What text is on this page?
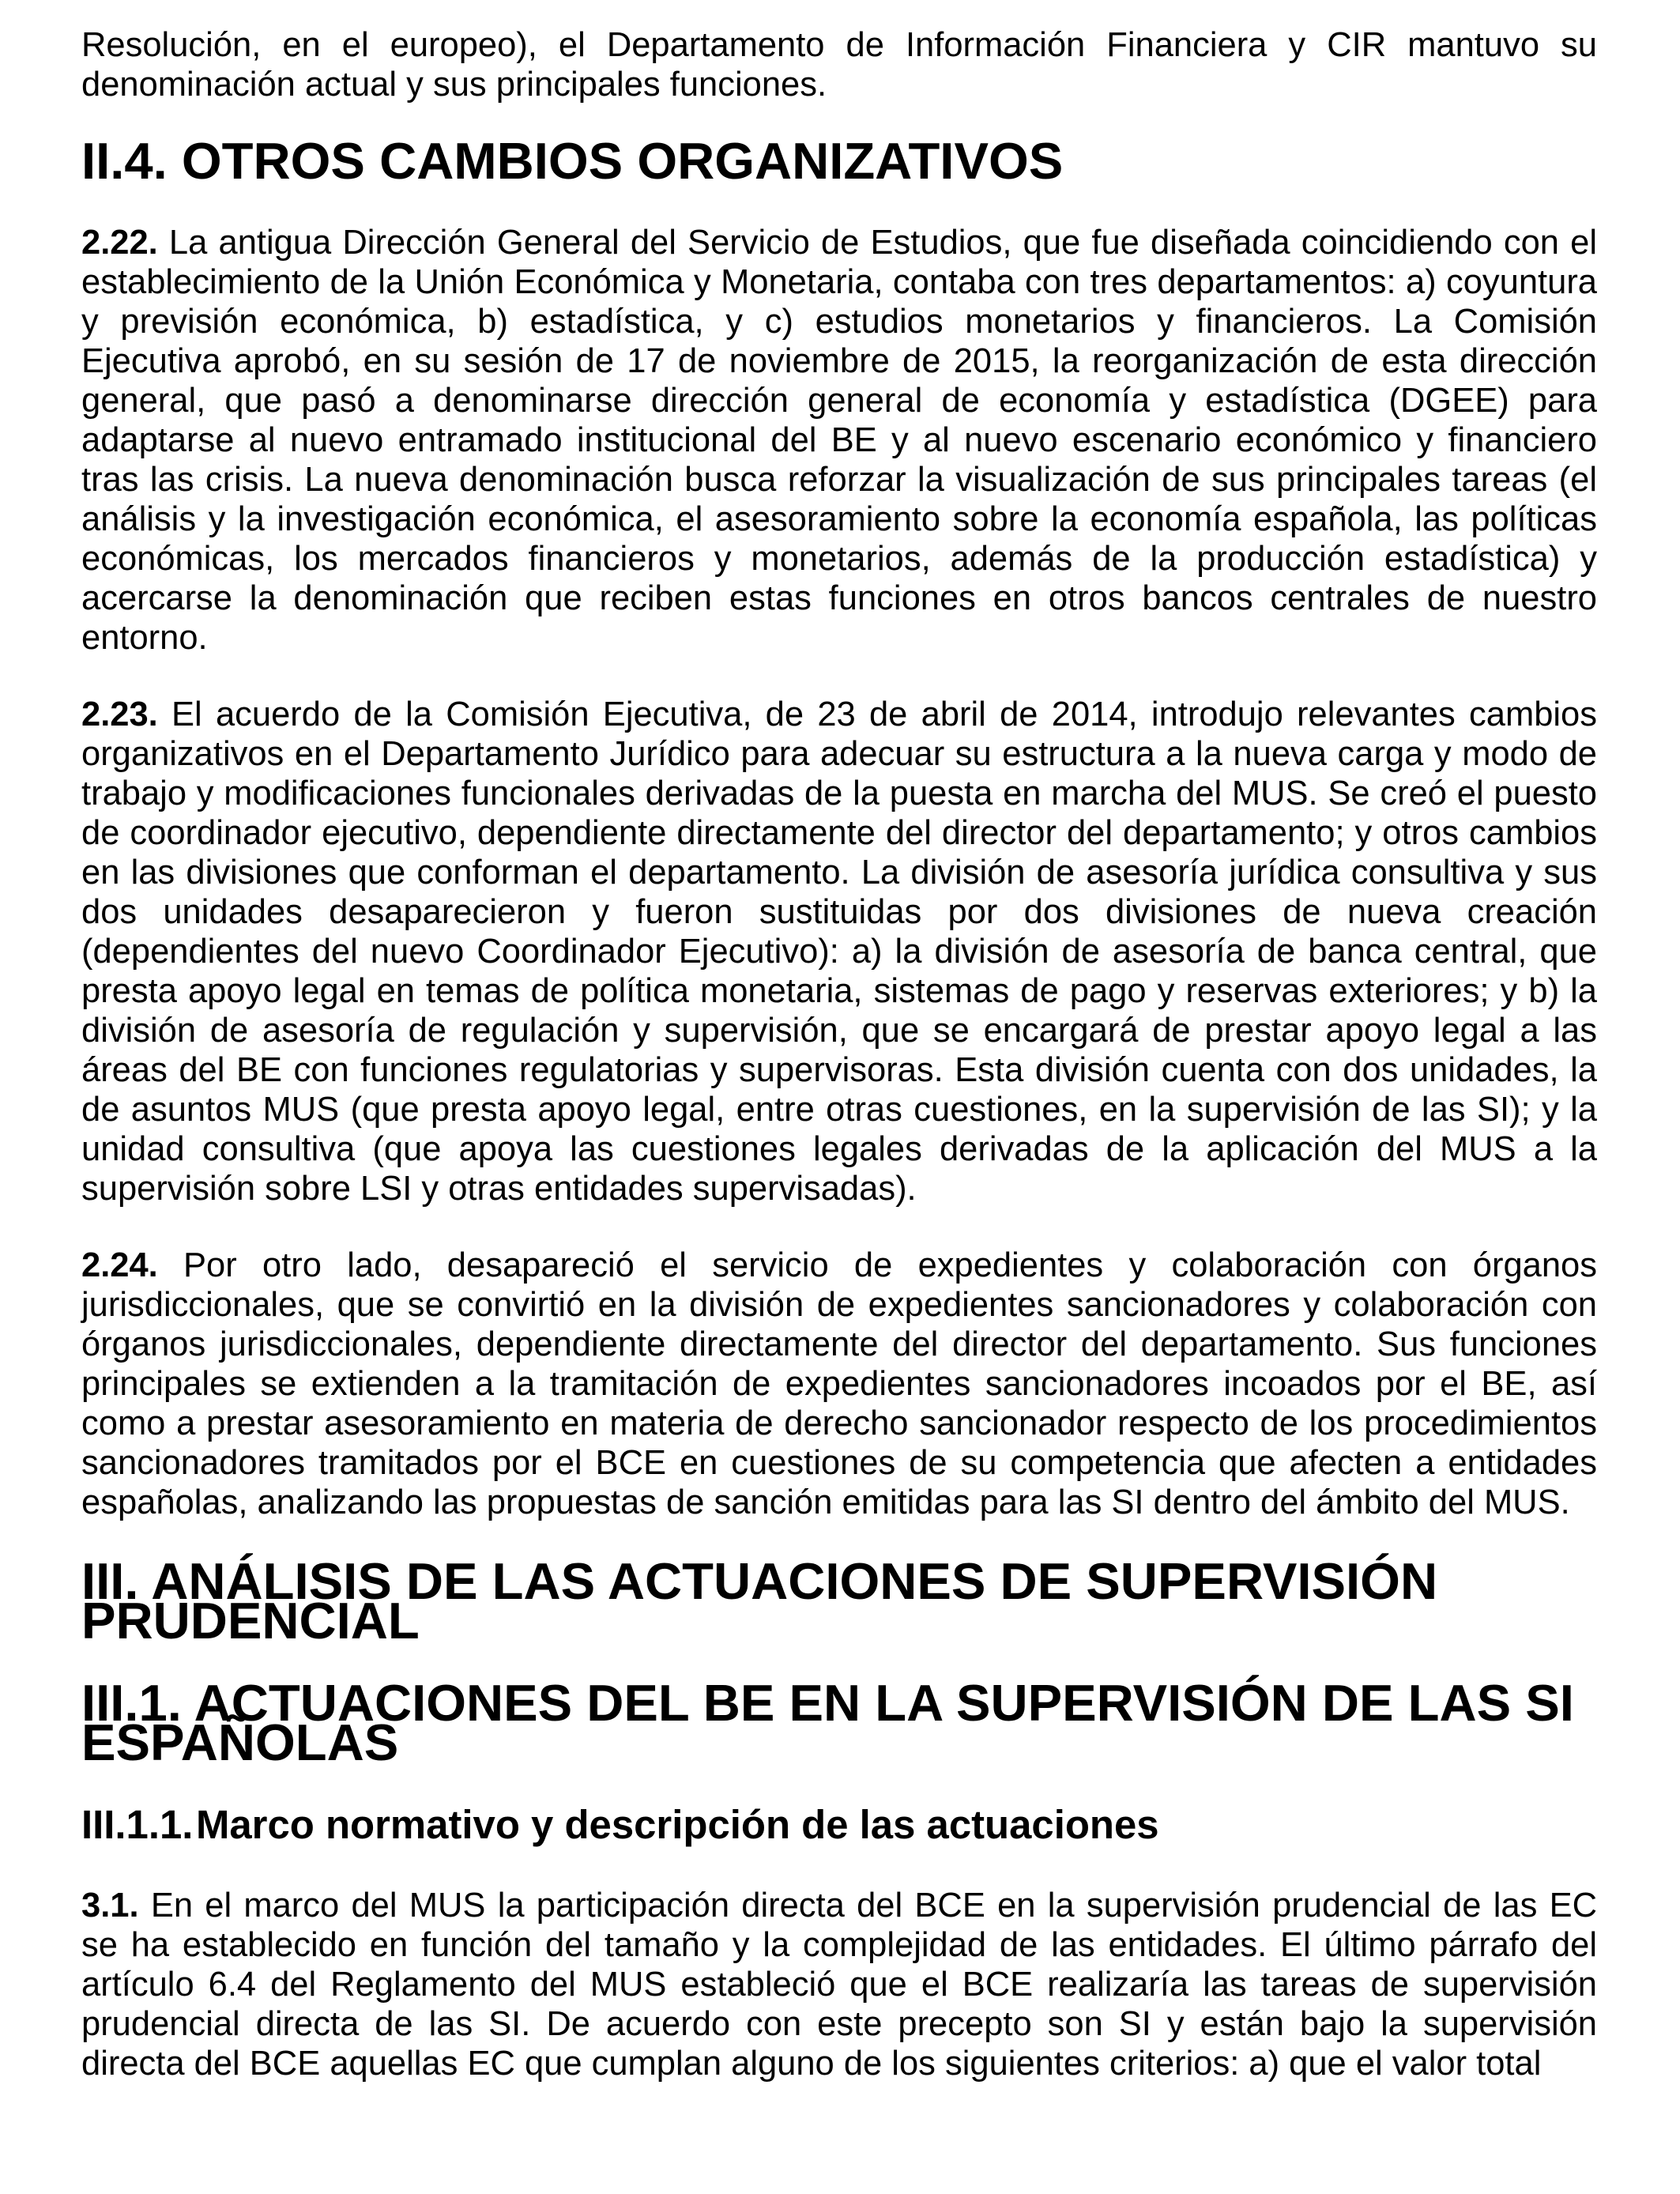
Resolución, en el europeo), el Departamento de Información Financiera y CIR mantuvo su denominación actual y sus principales funciones.

II.4. OTROS CAMBIOS ORGANIZATIVOS

2.22. La antigua Dirección General del Servicio de Estudios, que fue diseñada coincidiendo con el establecimiento de la Unión Económica y Monetaria, contaba con tres departamentos: a) coyuntura y previsión económica, b) estadística, y c) estudios monetarios y financieros. La Comisión Ejecutiva aprobó, en su sesión de 17 de noviembre de 2015, la reorganización de esta dirección general, que pasó a denominarse dirección general de economía y estadística (DGEE) para adaptarse al nuevo entramado institucional del BE y al nuevo escenario económico y financiero tras las crisis. La nueva denominación busca reforzar la visualización de sus principales tareas (el análisis y la investigación económica, el asesoramiento sobre la economía española, las políticas económicas, los mercados financieros y monetarios, además de la producción estadística) y acercarse la denominación que reciben estas funciones en otros bancos centrales de nuestro entorno.

2.23. El acuerdo de la Comisión Ejecutiva, de 23 de abril de 2014, introdujo relevantes cambios organizativos en el Departamento Jurídico para adecuar su estructura a la nueva carga y modo de trabajo y modificaciones funcionales derivadas de la puesta en marcha del MUS. Se creó el puesto de coordinador ejecutivo, dependiente directamente del director del departamento; y otros cambios en las divisiones que conforman el departamento. La división de asesoría jurídica consultiva y sus dos unidades desaparecieron y fueron sustituidas por dos divisiones de nueva creación (dependientes del nuevo Coordinador Ejecutivo): a) la división de asesoría de banca central, que presta apoyo legal en temas de política monetaria, sistemas de pago y reservas exteriores; y b) la división de asesoría de regulación y supervisión, que se encargará de prestar apoyo legal a las áreas del BE con funciones regulatorias y supervisoras. Esta división cuenta con dos unidades, la de asuntos MUS (que presta apoyo legal, entre otras cuestiones, en la supervisión de las SI); y la unidad consultiva (que apoya las cuestiones legales derivadas de la aplicación del MUS a la supervisión sobre LSI y otras entidades supervisadas).

2.24. Por otro lado, desapareció el servicio de expedientes y colaboración con órganos jurisdiccionales, que se convirtió en la división de expedientes sancionadores y colaboración con órganos jurisdiccionales, dependiente directamente del director del departamento. Sus funciones principales se extienden a la tramitación de expedientes sancionadores incoados por el BE, así como a prestar asesoramiento en materia de derecho sancionador respecto de los procedimientos sancionadores tramitados por el BCE en cuestiones de su competencia que afecten a entidades españolas, analizando las propuestas de sanción emitidas para las SI dentro del ámbito del MUS.

III. ANÁLISIS DE LAS ACTUACIONES DE SUPERVISIÓN PRUDENCIAL
III.1. ACTUACIONES DEL BE EN LA SUPERVISIÓN DE LAS SI ESPAÑOLAS
III.1.1.Marco normativo y descripción de las actuaciones

3.1. En el marco del MUS la participación directa del BCE en la supervisión prudencial de las EC se ha establecido en función del tamaño y la complejidad de las entidades. El último párrafo del artículo 6.4 del Reglamento del MUS estableció que el BCE realizaría las tareas de supervisión prudencial directa de las SI. De acuerdo con este precepto son SI y están bajo la supervisión directa del BCE aquellas EC que cumplan alguno de los siguientes criterios: a) que el valor total
